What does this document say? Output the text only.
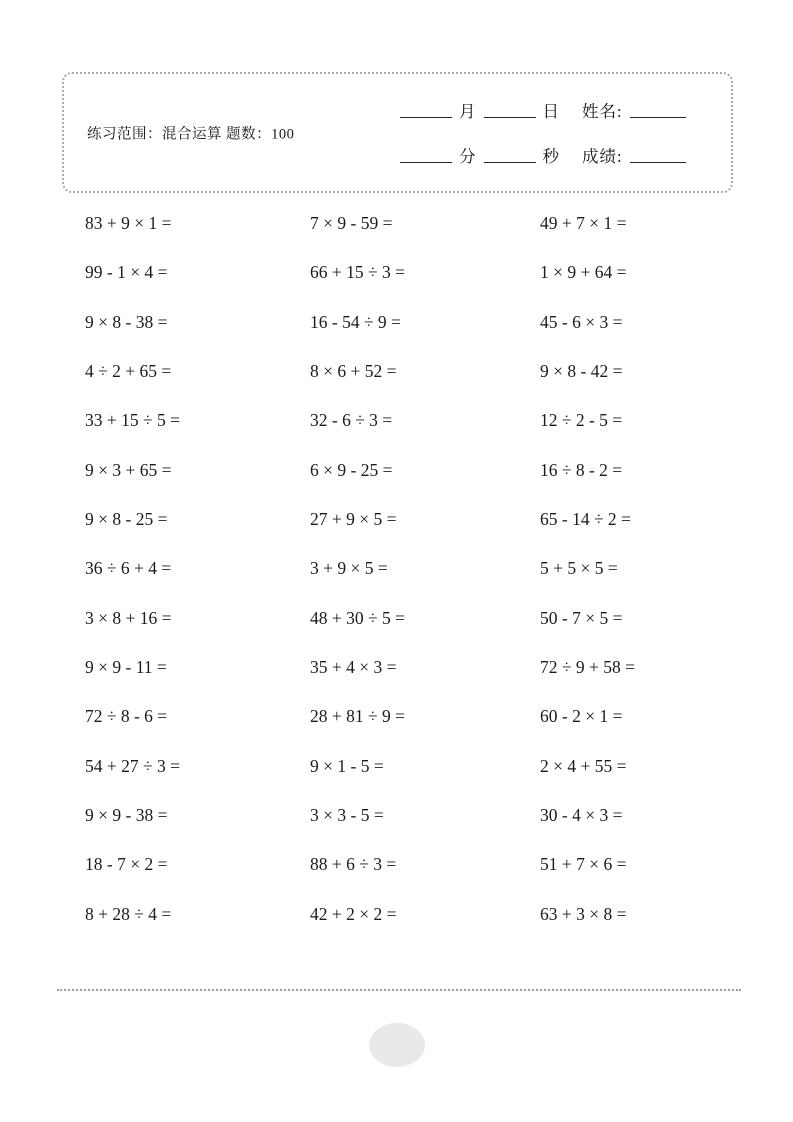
练习范围：混合运算 题数：100
月	日 姓名:
分	秒 成绩:
83 + 9 × 1 =	7 × 9 - 59 =	49 + 7 × 1 =
99 - 1 × 4 =	66 + 15 ÷ 3 =	1 × 9 + 64 =
9 × 8 - 38 =	16 - 54 ÷ 9 =	45 - 6 × 3 =
4 ÷ 2 + 65 =	8 × 6 + 52 =	9 × 8 - 42 =
33 + 15 ÷ 5 =	32 - 6 ÷ 3 =	12 ÷ 2 - 5 =
9 × 3 + 65 =	6 × 9 - 25 =	16 ÷ 8 - 2 =
9 × 8 - 25 =	27 + 9 × 5 =	65 - 14 ÷ 2 =
36 ÷ 6 + 4 =	3 + 9 × 5 =	5 + 5 × 5 =
3 × 8 + 16 =	48 + 30 ÷ 5 =	50 - 7 × 5 =
9 × 9 - 11 =	35 + 4 × 3 =	72 ÷ 9 + 58 =
72 ÷ 8 - 6 =	28 + 81 ÷ 9 =	60 - 2 × 1 =
54 + 27 ÷ 3 =	9 × 1 - 5 =	2 × 4 + 55 =
9 × 9 - 38 =	3 × 3 - 5 =	30 - 4 × 3 =
18 - 7 × 2 =	88 + 6 ÷ 3 =	51 + 7 × 6 =
8 + 28 ÷ 4 =	42 + 2 × 2 =	63 + 3 × 8 =
